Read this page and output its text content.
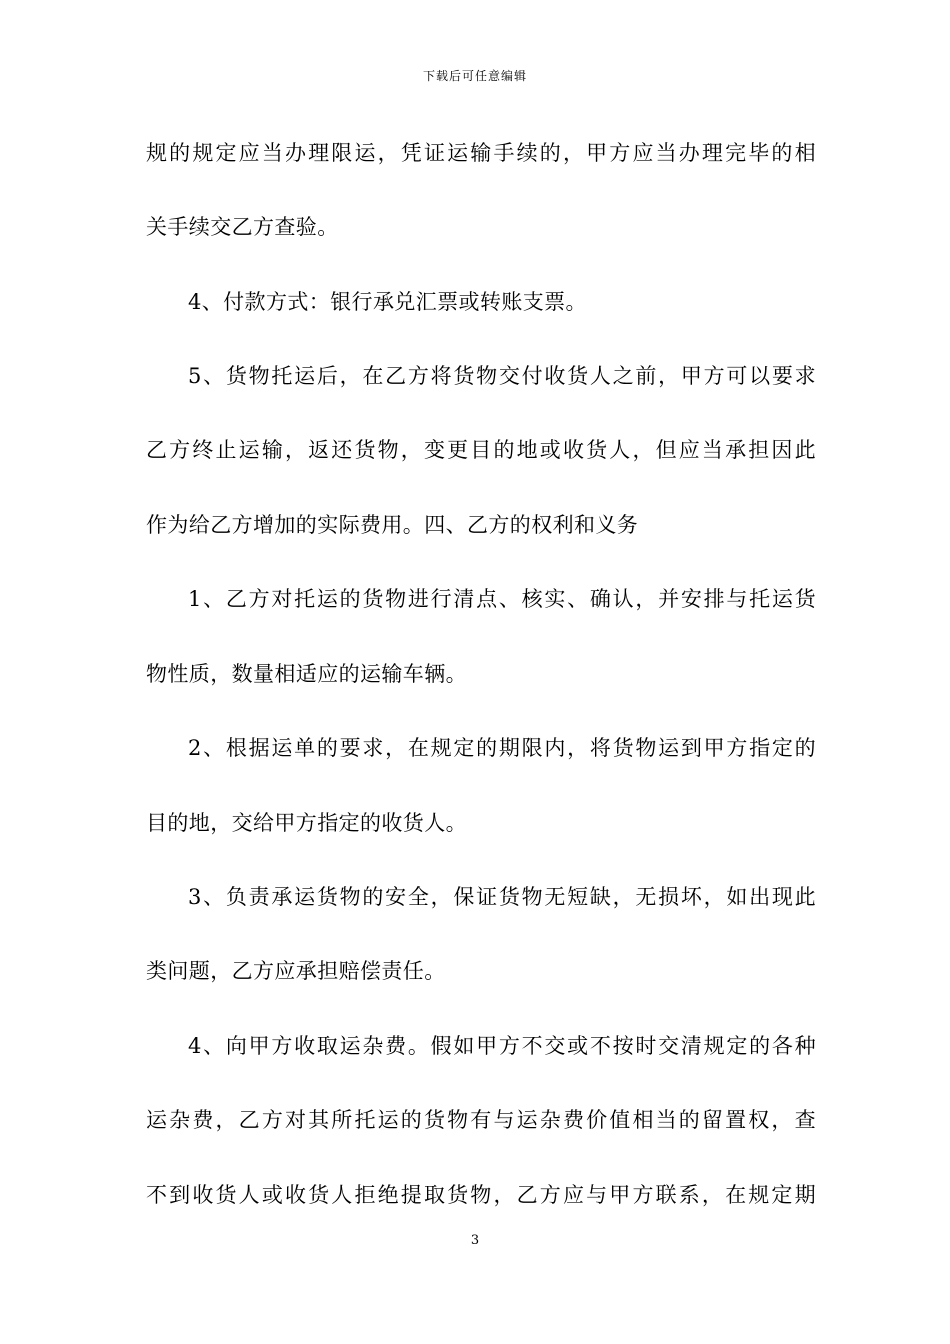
下载后可任意编辑
规的规定应当办理限运，凭证运输手续的，甲方应当办理完毕的相
关手续交乙方查验。
4、付款方式：银行承兑汇票或转账支票。
5、货物托运后，在乙方将货物交付收货人之前，甲方可以要求
乙方终止运输，返还货物，变更目的地或收货人，但应当承担因此
作为给乙方增加的实际费用。四、乙方的权利和义务
1、乙方对托运的货物进行清点、核实、确认，并安排与托运货
物性质，数量相适应的运输车辆。
2、根据运单的要求，在规定的期限内，将货物运到甲方指定的
目的地，交给甲方指定的收货人。
3、负责承运货物的安全，保证货物无短缺，无损坏，如出现此
类问题，乙方应承担赔偿责任。
4、向甲方收取运杂费。假如甲方不交或不按时交清规定的各种
运杂费，乙方对其所托运的货物有与运杂费价值相当的留置权，查
不到收货人或收货人拒绝提取货物，乙方应与甲方联系，在规定期
3
